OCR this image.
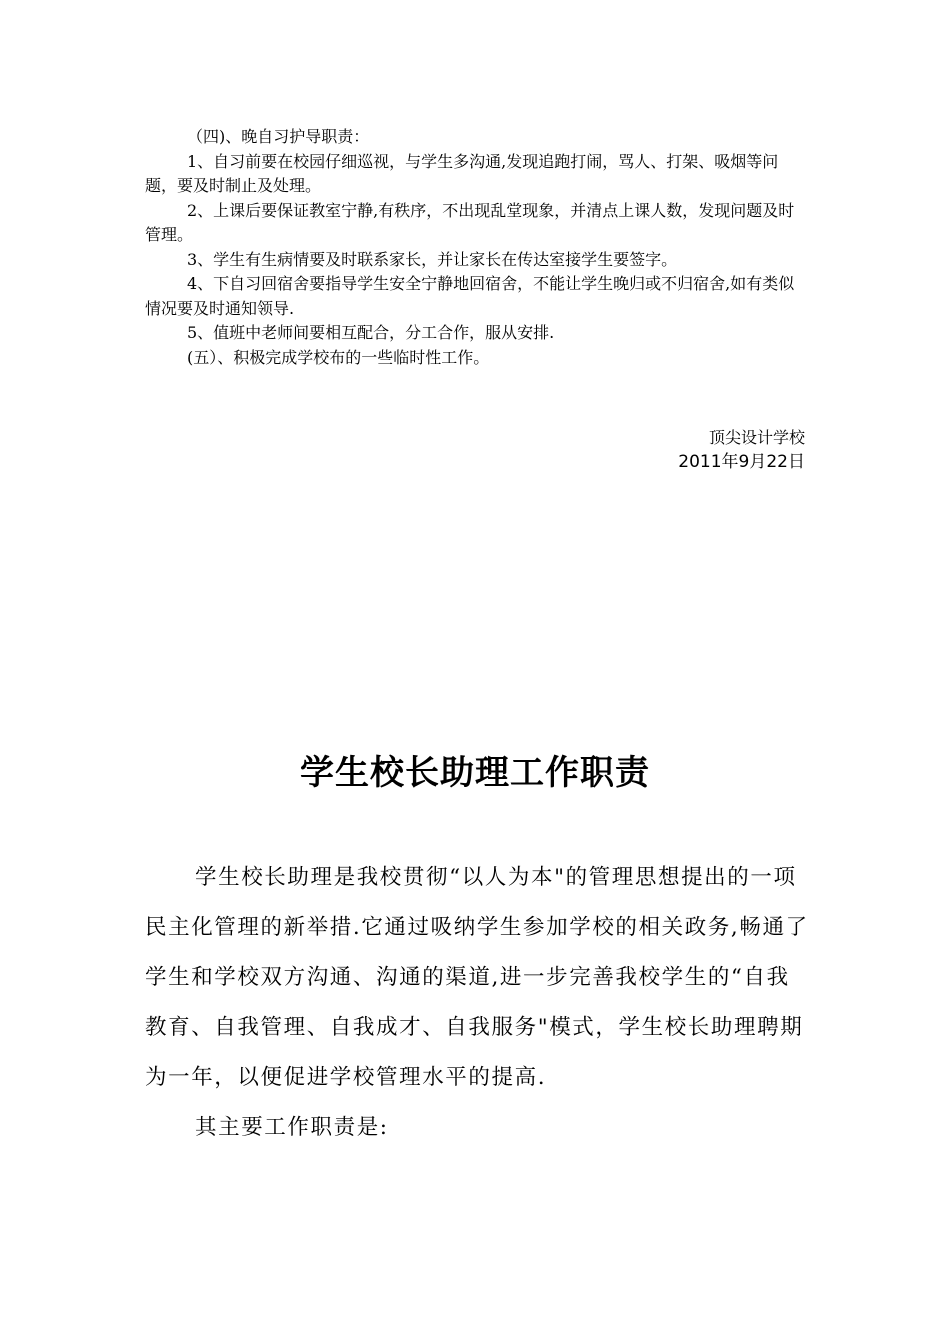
（四)、晚自习护导职责：

1、自习前要在校园仔细巡视，与学生多沟通,发现追跑打闹，骂人、打架、吸烟等问题，要及时制止及处理。

2、上课后要保证教室宁静,有秩序，不出现乱堂现象，并清点上课人数，发现问题及时管理。

3、学生有生病情要及时联系家长，并让家长在传达室接学生要签字。

4、下自习回宿舍要指导学生安全宁静地回宿舍，不能让学生晚归或不归宿舍,如有类似情况要及时通知领导.

5、值班中老师间要相互配合，分工合作，服从安排.

(五）、积极完成学校布的一些临时性工作。

顶尖设计学校
2011年9月22日
学生校长助理工作职责

学生校长助理是我校贯彻“以人为本"的管理思想提出的一项民主化管理的新举措.它通过吸纳学生参加学校的相关政务,畅通了学生和学校双方沟通、沟通的渠道,进一步完善我校学生的“自我教育、自我管理、自我成才、自我服务"模式，学生校长助理聘期为一年，以便促进学校管理水平的提高.

其主要工作职责是:
